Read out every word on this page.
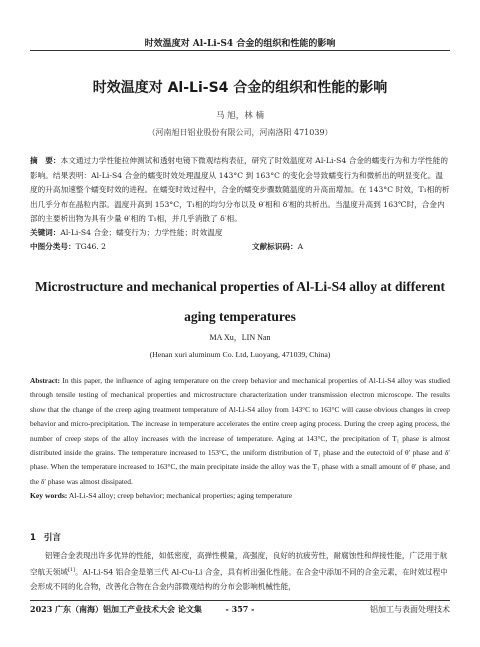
时效温度对 Al-Li-S4 合金的组织和性能的影响
时效温度对 Al-Li-S4 合金的组织和性能的影响
马 旭，林 楠
（河南旭日铝业股份有限公司，河南洛阳 471039）

摘　要：本文通过力学性能拉伸测试和透射电镜下微观结构表征，研究了时效温度对 Al-Li-S4 合金的蠕变行为和力学性能的影响。结果表明：Al-Li-S4 合金的蠕变时效处理温度从 143°C 到 163°C 的变化会导致蠕变行为和微析出的明显变化。温度的升高加速整个蠕变时效的进程。在蠕变时效过程中，合金的蠕变步骤数随温度的升高而增加。在 143°C 时效，T₁相的析出几乎分布在晶粒内部。温度升高到 153°C，T₁相的均匀分布以及 θ′相和 δ′相的共析出。当温度升高到 163℃时，合金内部的主要析出物为具有少量 θ′相的 T₁相，并几乎消散了 δ′相。

关键词：Al-Li-S4 合金；蠕变行为；力学性能；时效温度

中图分类号：TG46. 2	文献标识码：A
Microstructure and mechanical properties of Al-Li-S4 alloy at different aging temperatures
MA Xu，LIN Nan
(Henan xuri aluminum Co. Ltd, Luoyang, 471039, China)

Abstract: In this paper, the influence of aging temperature on the creep behavior and mechanical properties of Al-Li-S4 alloy was studied through tensile testing of mechanical properties and microstructure characterization under transmission electron microscope. The results show that the change of the creep aging treatment temperature of Al-Li-S4 alloy from 143°C to 163°C will cause obvious changes in creep behavior and micro-precipitation. The increase in temperature accelerates the entire creep aging process. During the creep aging process, the number of creep steps of the alloy increases with the increase of temperature. Aging at 143°C, the precipitation of T₁ phase is almost distributed inside the grains. The temperature increased to 153°C, the uniform distribution of T₁ phase and the eutectoid of θ′ phase and δ′ phase. When the temperature increased to 163°C, the main precipitate inside the alloy was the T₁ phase with a small amount of θ′ phase, and the δ′ phase was almost dissipated.

Key words: Al-Li-S4 alloy; creep behavior; mechanical properties; aging temperature

1 引言

铝锂合金表现出许多优异的性能，如低密度，高弹性模量，高强度，良好的抗疲劳性，耐腐蚀性和焊接性能，广泛用于航空航天领域[1]。Al-Li-S4 铝合金是第三代 Al-Cu-Li 合金，具有析出强化性能。在合金中添加不同的合金元素，在时效过程中会形成不同的化合物，改善化合物在合金内部微观结构的分布会影响机械性能，

2023 广东（南海）铝加工产业技术大会 论文集	- 357 -	铝加工与表面处理技术
